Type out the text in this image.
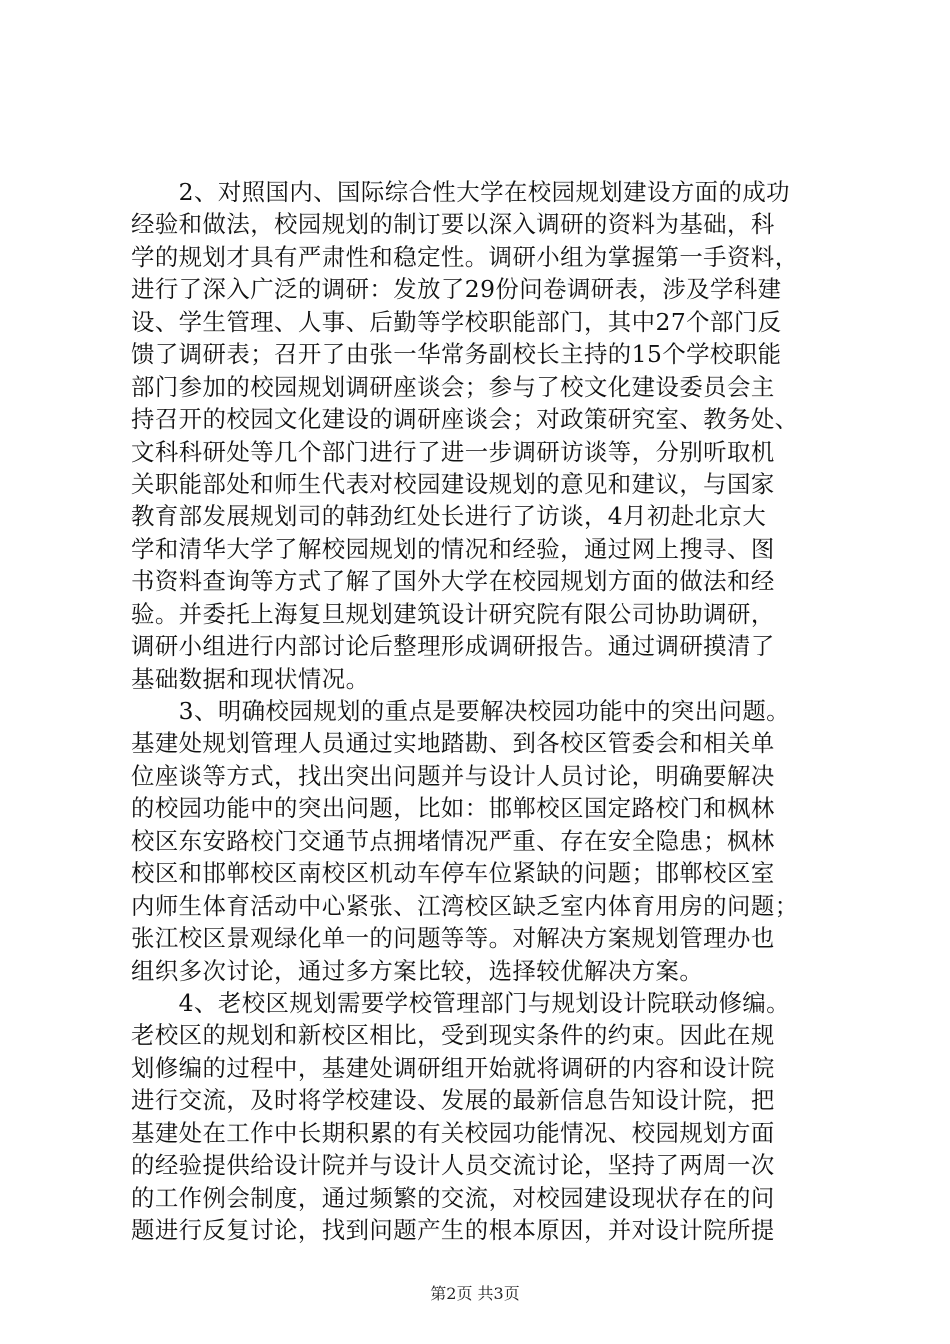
　　2、对照国内、国际综合性大学在校园规划建设方面的成功
经验和做法，校园规划的制订要以深入调研的资料为基础，科
学的规划才具有严肃性和稳定性。调研小组为掌握第一手资料，
进行了深入广泛的调研：发放了29份问卷调研表，涉及学科建
设、学生管理、人事、后勤等学校职能部门，其中27个部门反
馈了调研表；召开了由张一华常务副校长主持的15个学校职能
部门参加的校园规划调研座谈会；参与了校文化建设委员会主
持召开的校园文化建设的调研座谈会；对政策研究室、教务处、
文科科研处等几个部门进行了进一步调研访谈等，分别听取机
关职能部处和师生代表对校园建设规划的意见和建议，与国家
教育部发展规划司的韩劲红处长进行了访谈，4月初赴北京大
学和清华大学了解校园规划的情况和经验，通过网上搜寻、图
书资料查询等方式了解了国外大学在校园规划方面的做法和经
验。并委托上海复旦规划建筑设计研究院有限公司协助调研，
调研小组进行内部讨论后整理形成调研报告。通过调研摸清了
基础数据和现状情况。
　　3、明确校园规划的重点是要解决校园功能中的突出问题。
基建处规划管理人员通过实地踏勘、到各校区管委会和相关单
位座谈等方式，找出突出问题并与设计人员讨论，明确要解决
的校园功能中的突出问题，比如：邯郸校区国定路校门和枫林
校区东安路校门交通节点拥堵情况严重、存在安全隐患；枫林
校区和邯郸校区南校区机动车停车位紧缺的问题；邯郸校区室
内师生体育活动中心紧张、江湾校区缺乏室内体育用房的问题；
张江校区景观绿化单一的问题等等。对解决方案规划管理办也
组织多次讨论，通过多方案比较，选择较优解决方案。
　　4、老校区规划需要学校管理部门与规划设计院联动修编。
老校区的规划和新校区相比，受到现实条件的约束。因此在规
划修编的过程中，基建处调研组开始就将调研的内容和设计院
进行交流，及时将学校建设、发展的最新信息告知设计院，把
基建处在工作中长期积累的有关校园功能情况、校园规划方面
的经验提供给设计院并与设计人员交流讨论，坚持了两周一次
的工作例会制度，通过频繁的交流，对校园建设现状存在的问
题进行反复讨论，找到问题产生的根本原因，并对设计院所提
第2页 共3页
